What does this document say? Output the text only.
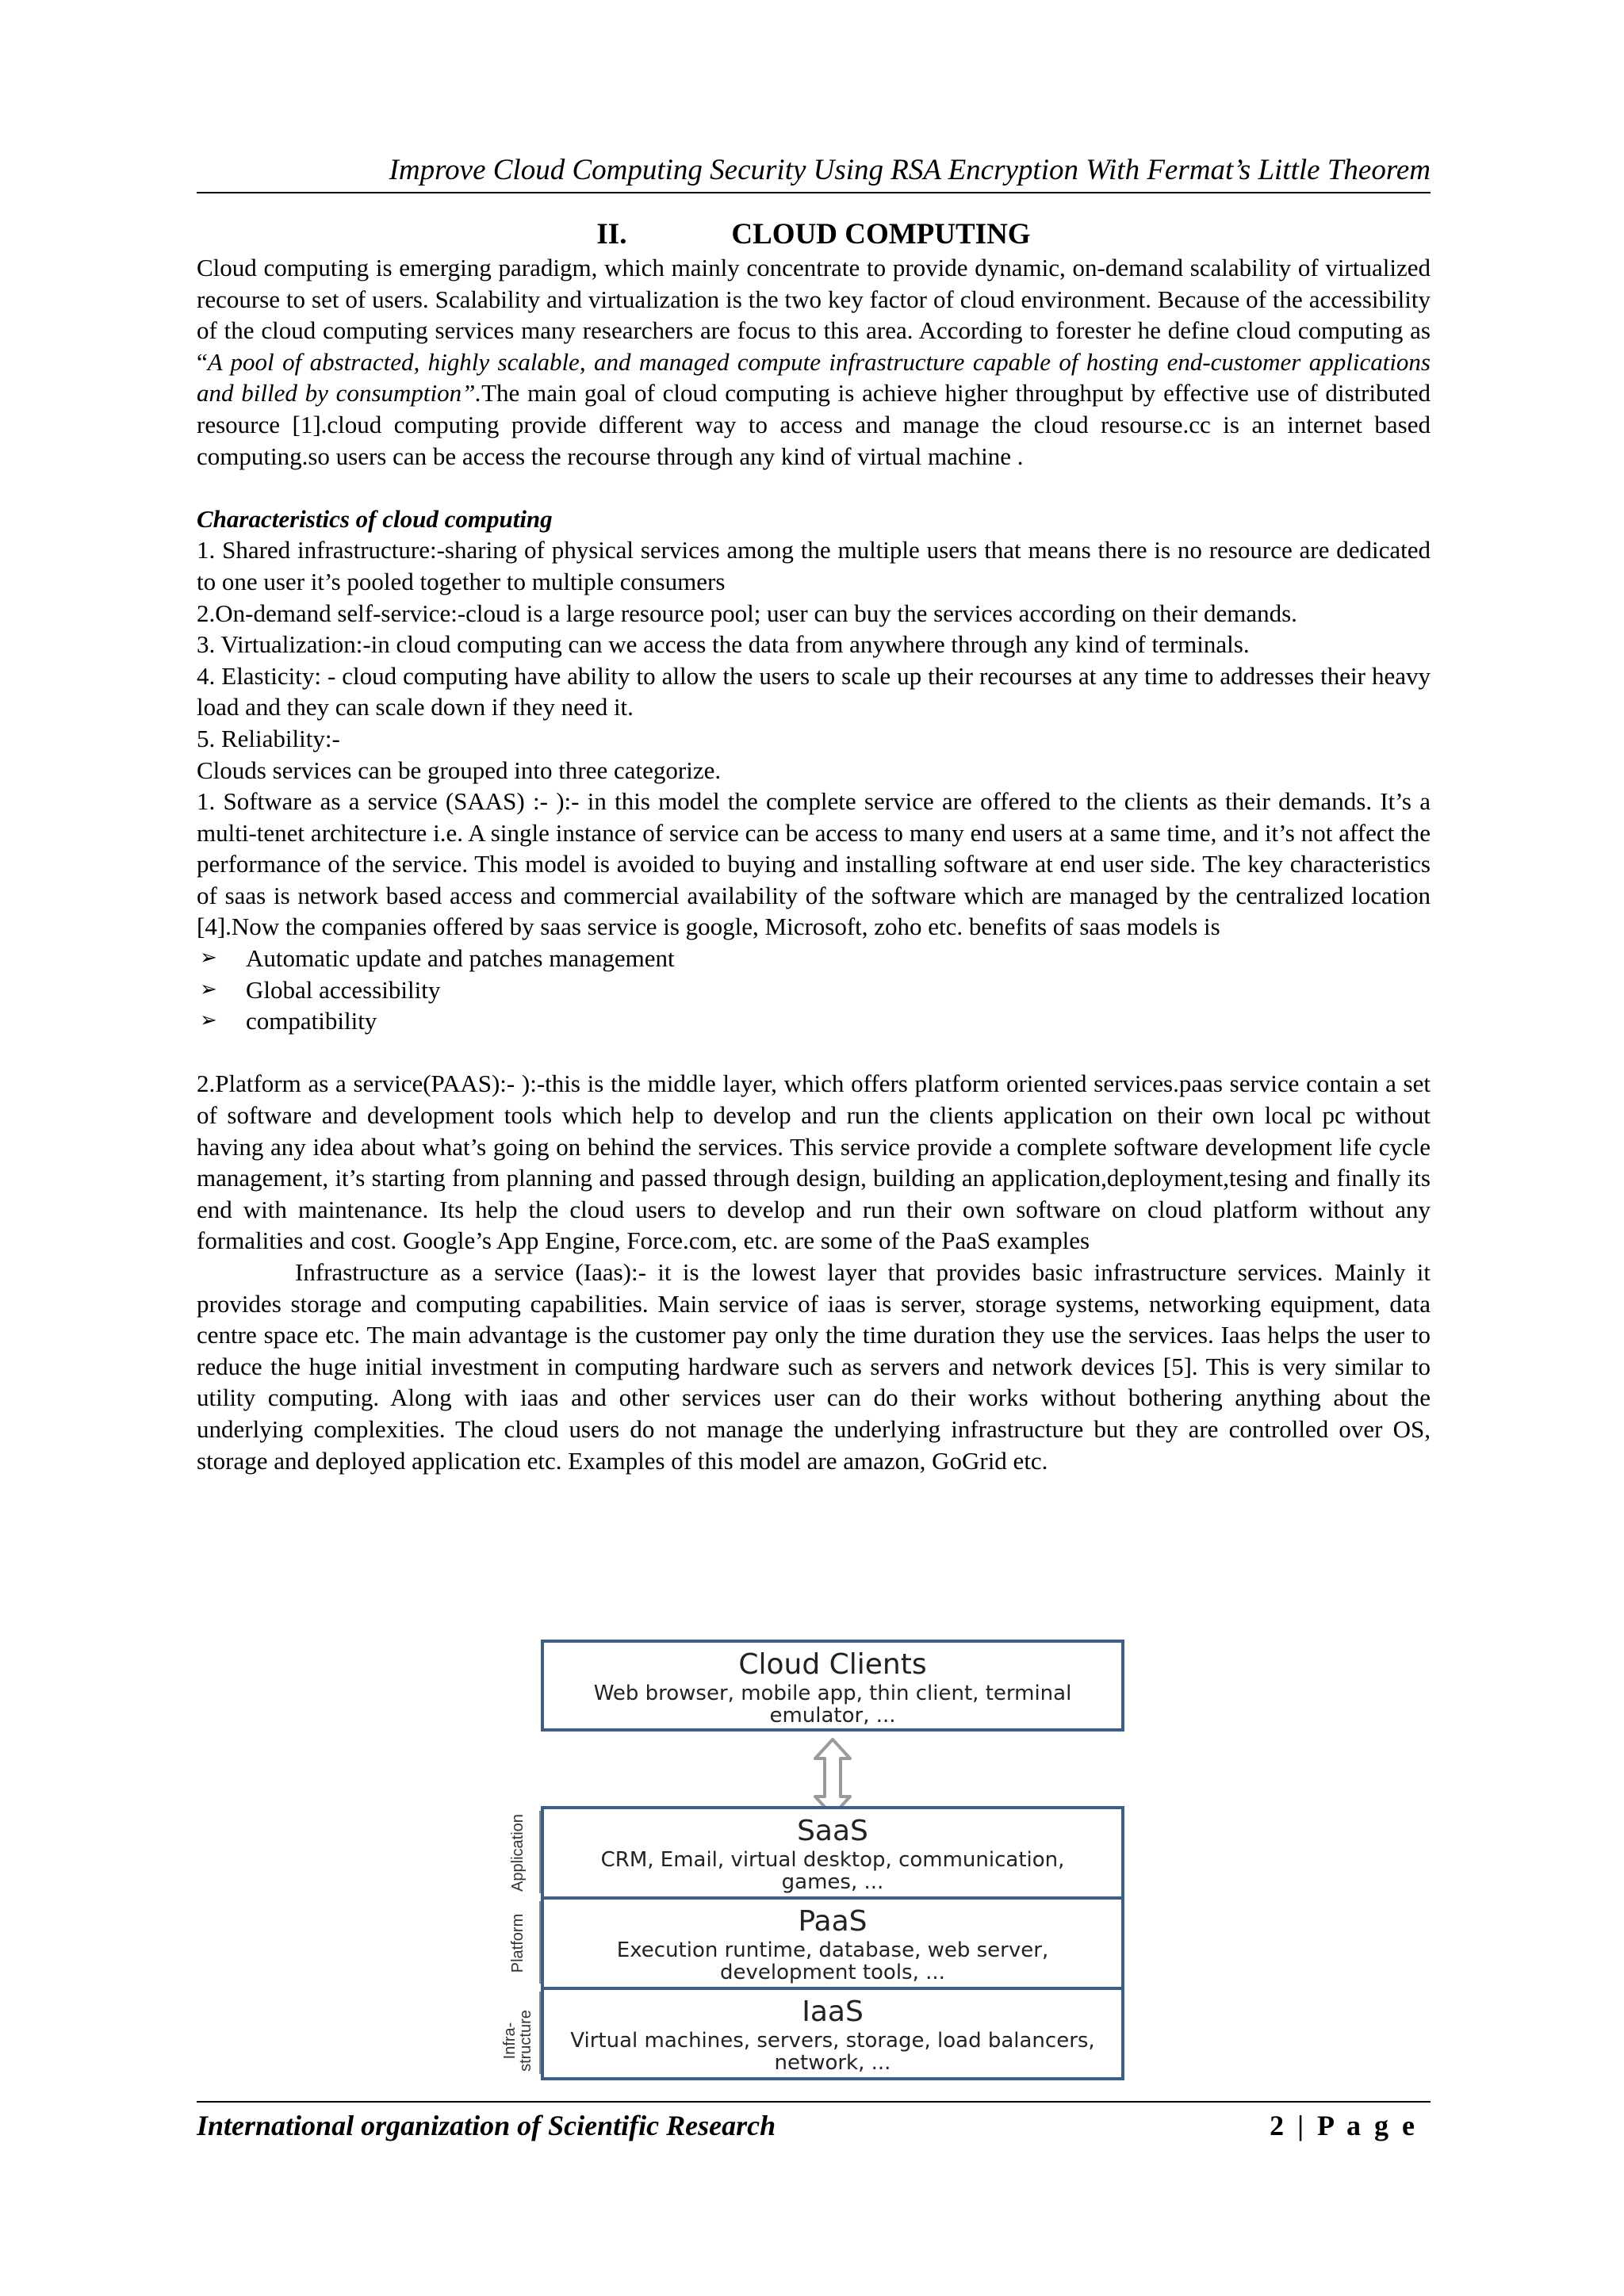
Improve Cloud Computing Security Using RSA Encryption With Fermat’s Little Theorem
II.	CLOUD COMPUTING

Cloud computing is emerging paradigm, which mainly concentrate to provide dynamic, on-demand scalability of virtualized recourse to set of users. Scalability and virtualization is the two key factor of cloud environment. Because of the accessibility of the cloud computing services many researchers are focus to this area. According to forester he define cloud computing as “A pool of abstracted, highly scalable, and managed compute infrastructure capable of hosting end-customer applications and billed by consumption”.The main goal of cloud computing is achieve higher throughput by effective use of distributed resource [1].cloud computing provide different way to access and manage the cloud resourse.cc is an internet based computing.so users can be access the recourse through any kind of virtual machine .

Characteristics of cloud computing

1. Shared infrastructure:-sharing of physical services among the multiple users that means there is no resource are dedicated to one user it’s pooled together to multiple consumers

2.On-demand self-service:-cloud is a large resource pool; user can buy the services according on their demands.

3. Virtualization:-in cloud computing can we access the data from anywhere through any kind of terminals.

4. Elasticity: - cloud computing have ability to allow the users to scale up their recourses at any time to addresses their heavy load and they can scale down if they need it.

5. Reliability:-

Clouds services can be grouped into three categorize.

1. Software as a service (SAAS) :- ):- in this model the complete service are offered to the clients as their demands. It’s a multi-tenet architecture i.e. A single instance of service can be access to many end users at a same time, and it’s not affect the performance of the service. This model is avoided to buying and installing software at end user side. The key characteristics of saas is network based access and commercial availability of the software which are managed by the centralized location [4].Now the companies offered by saas service is google, Microsoft, zoho etc. benefits of saas models is

➢ Automatic update and patches management
➢ Global accessibility
➢ compatibility

2.Platform as a service(PAAS):- ):-this is the middle layer, which offers platform oriented services.paas service contain a set of software and development tools which help to develop and run the clients application on their own local pc without having any idea about what’s going on behind the services. This service provide a complete software development life cycle management, it’s starting from planning and passed through design, building an application,deployment,tesing and finally its end with maintenance. Its help the cloud users to develop and run their own software on cloud platform without any formalities and cost. Google’s App Engine, Force.com, etc. are some of the PaaS examples

Infrastructure as a service (Iaas):- it is the lowest layer that provides basic infrastructure services. Mainly it provides storage and computing capabilities. Main service of iaas is server, storage systems, networking equipment, data centre space etc. The main advantage is the customer pay only the time duration they use the services. Iaas helps the user to reduce the huge initial investment in computing hardware such as servers and network devices [5]. This is very similar to utility computing. Along with iaas and other services user can do their works without bothering anything about the underlying complexities. The cloud users do not manage the underlying infrastructure but they are controlled over OS, storage and deployed application etc. Examples of this model are amazon, GoGrid etc.

Cloud Clients
Web browser, mobile app, thin client, terminal emulator, ...
SaaS
CRM, Email, virtual desktop, communication, games, ...
PaaS
Execution runtime, database, web server, development tools, ...
IaaS
Virtual machines, servers, storage, load balancers, network, ...
Application
Platform
Infra-structure
International organization of Scientific Research	2 | P a g e
